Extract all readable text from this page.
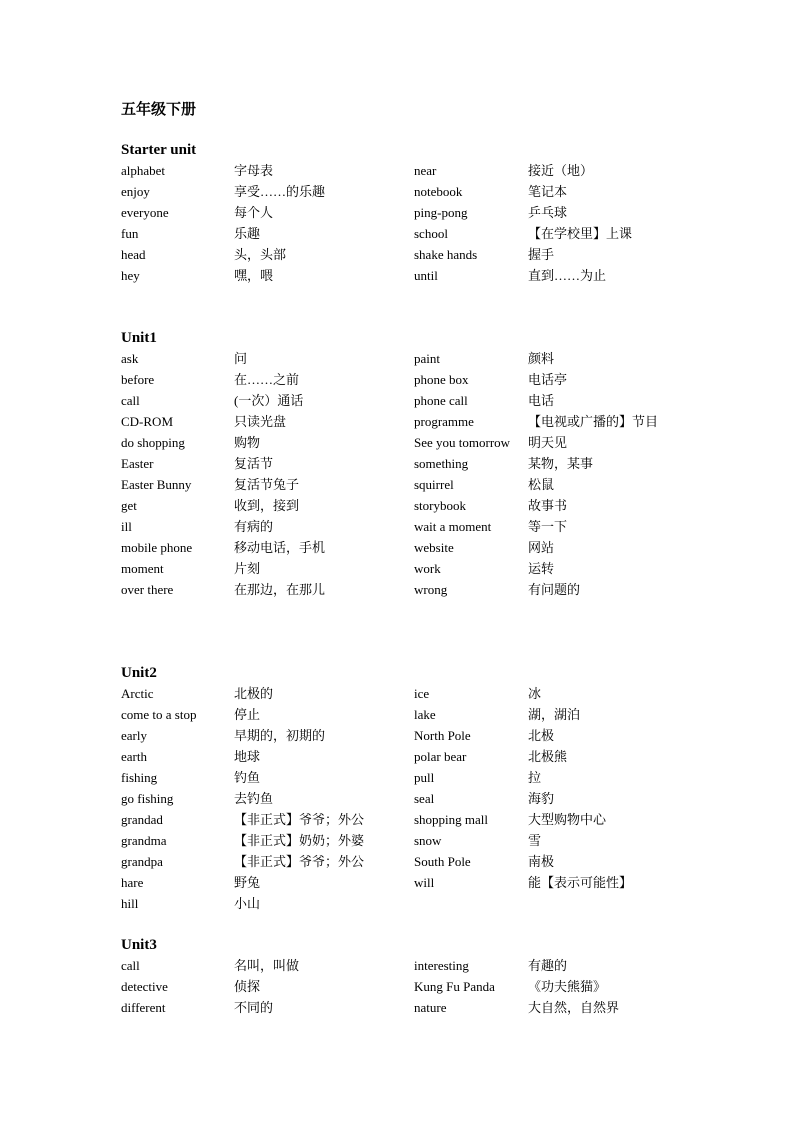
五年级下册
Starter unit
alphabet	字母表	near	接近（地）
enjoy	享受……的乐趣	notebook	笔记本
everyone	每个人	ping-pong	乒乓球
fun	乐趣	school	【在学校里】上课
head	头，头部	shake hands	握手
hey	嘿，喂	until	直到……为止
Unit1
ask	问	paint	颜料
before	在……之前	phone box	电话亭
call	(一次）通话	phone call	电话
CD-ROM	只读光盘	programme	【电视或广播的】节目
do shopping	购物	See you tomorrow 明天见
Easter	复活节	something	某物，某事
Easter Bunny	复活节兔子	squirrel	松鼠
get	收到，接到	storybook	故事书
ill	有病的	wait a moment	等一下
mobile phone	移动电话，手机	website	网站
moment	片刻	work	运转
over there	在那边，在那儿	wrong	有问题的
Unit2
Arctic	北极的	ice	冰
come to a stop	停止	lake	湖，湖泊
early	早期的，初期的	North Pole	北极
earth	地球	polar bear	北极熊
fishing	钓鱼	pull	拉
go fishing	去钓鱼	seal	海豹
grandad	【非正式】爷爷；外公	shopping mall	大型购物中心
grandma	【非正式】奶奶；外婆	snow	雪
grandpa	【非正式】爷爷；外公	South Pole	南极
hare	野兔	will	能【表示可能性】
hill	小山
Unit3
call	名叫，叫做	interesting	有趣的
detective	侦探	Kung Fu Panda	《功夫熊猫》
different	不同的	nature	大自然，自然界
